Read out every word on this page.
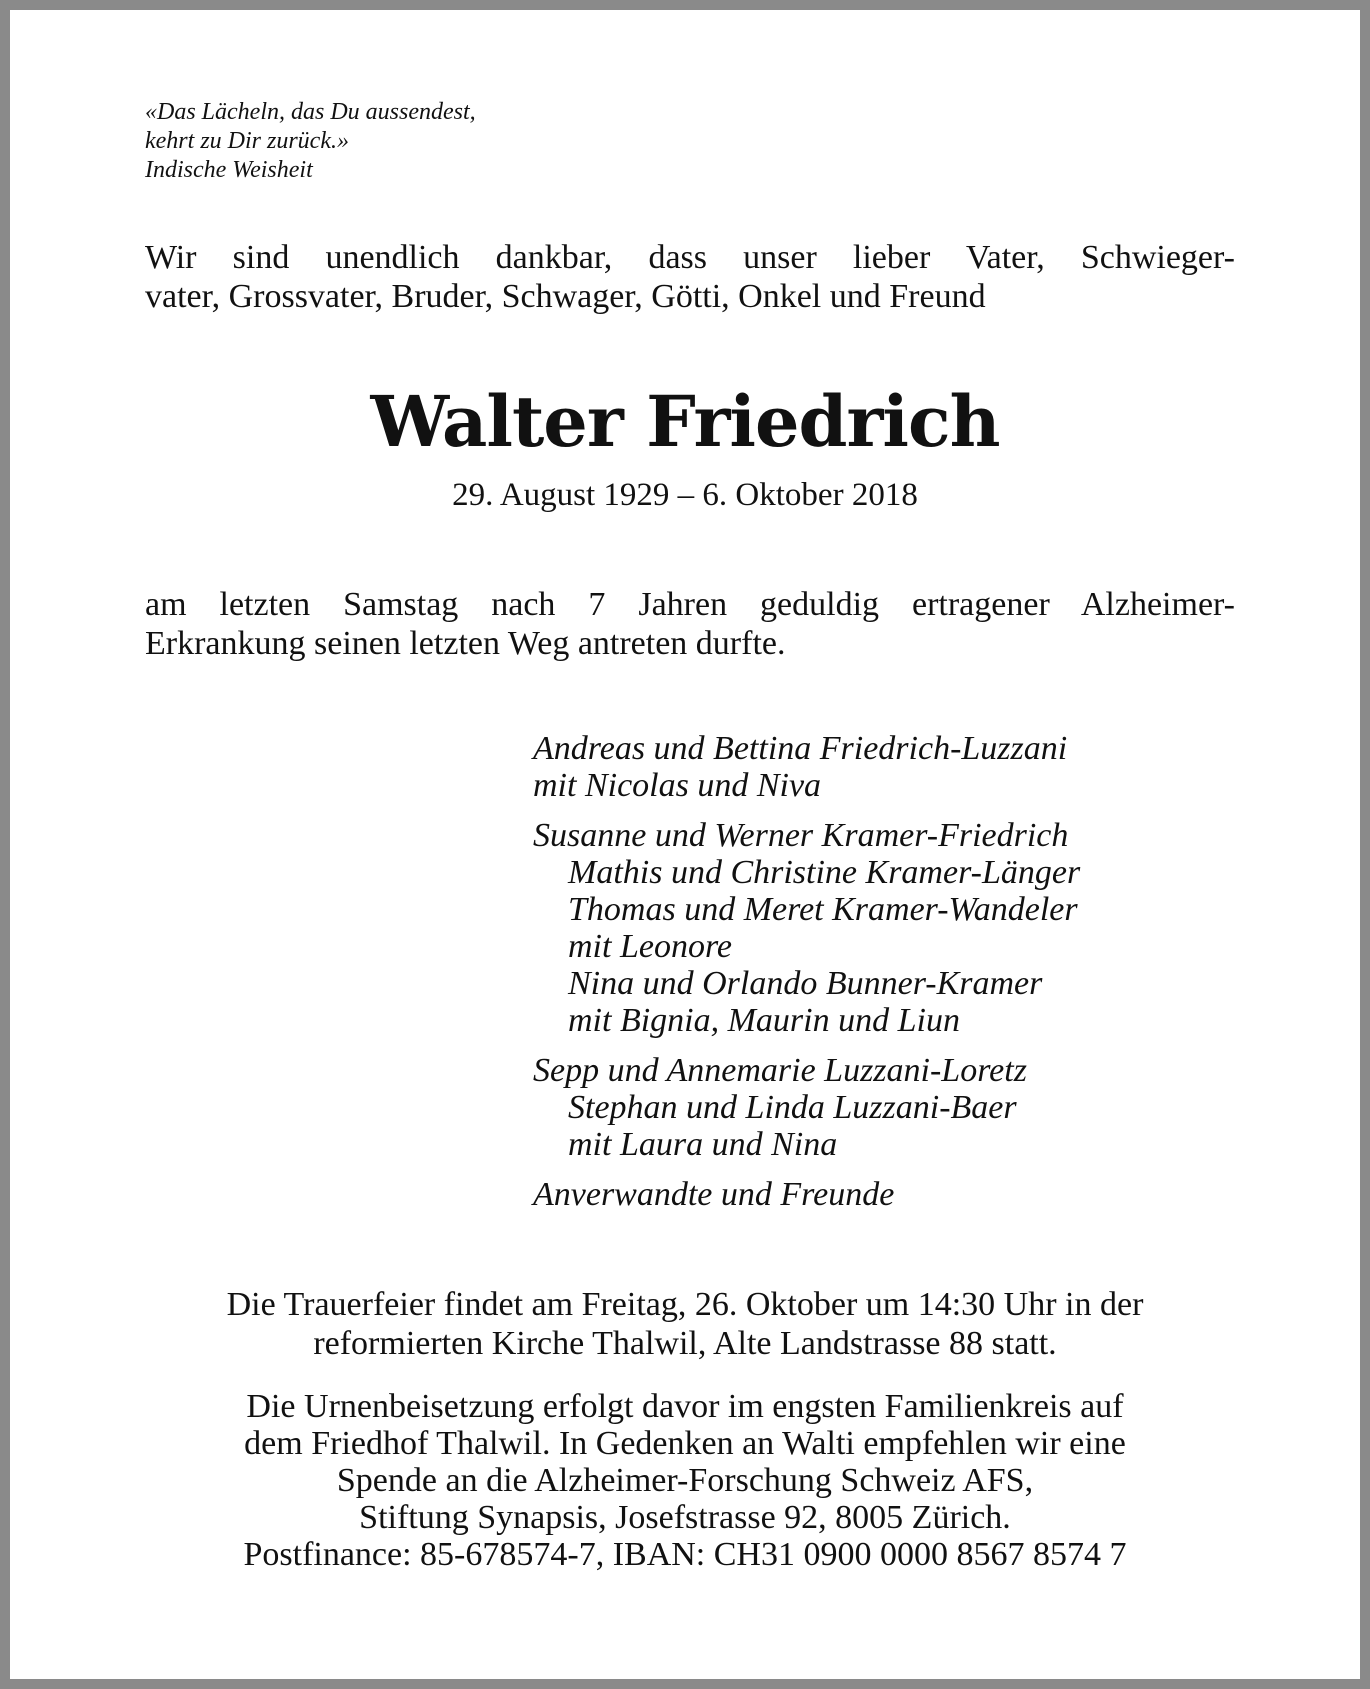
«Das Lächeln, das Du aussendest,
kehrt zu Dir zurück.»
Indische Weisheit
Wir sind unendlich dankbar, dass unser lieber Vater, Schwieger-
vater, Grossvater, Bruder, Schwager, Götti, Onkel und Freund
Walter Friedrich
29. August 1929 – 6. Oktober 2018
am letzten Samstag nach 7 Jahren geduldig ertragener Alzheimer-
Erkrankung seinen letzten Weg antreten durfte.
Andreas und Bettina Friedrich-Luzzani
mit Nicolas und Niva
Susanne und Werner Kramer-Friedrich
Mathis und Christine Kramer-Länger
Thomas und Meret Kramer-Wandeler
mit Leonore
Nina und Orlando Bunner-Kramer
mit Bignia, Maurin und Liun
Sepp und Annemarie Luzzani-Loretz
Stephan und Linda Luzzani-Baer
mit Laura und Nina
Anverwandte und Freunde
Die Trauerfeier findet am Freitag, 26. Oktober um 14:30 Uhr in der
reformierten Kirche Thalwil, Alte Landstrasse 88 statt.
Die Urnenbeisetzung erfolgt davor im engsten Familienkreis auf
dem Friedhof Thalwil. In Gedenken an Walti empfehlen wir eine
Spende an die Alzheimer-Forschung Schweiz AFS,
Stiftung Synapsis, Josefstrasse 92, 8005 Zürich.
Postfinance: 85-678574-7, IBAN: CH31 0900 0000 8567 8574 7
